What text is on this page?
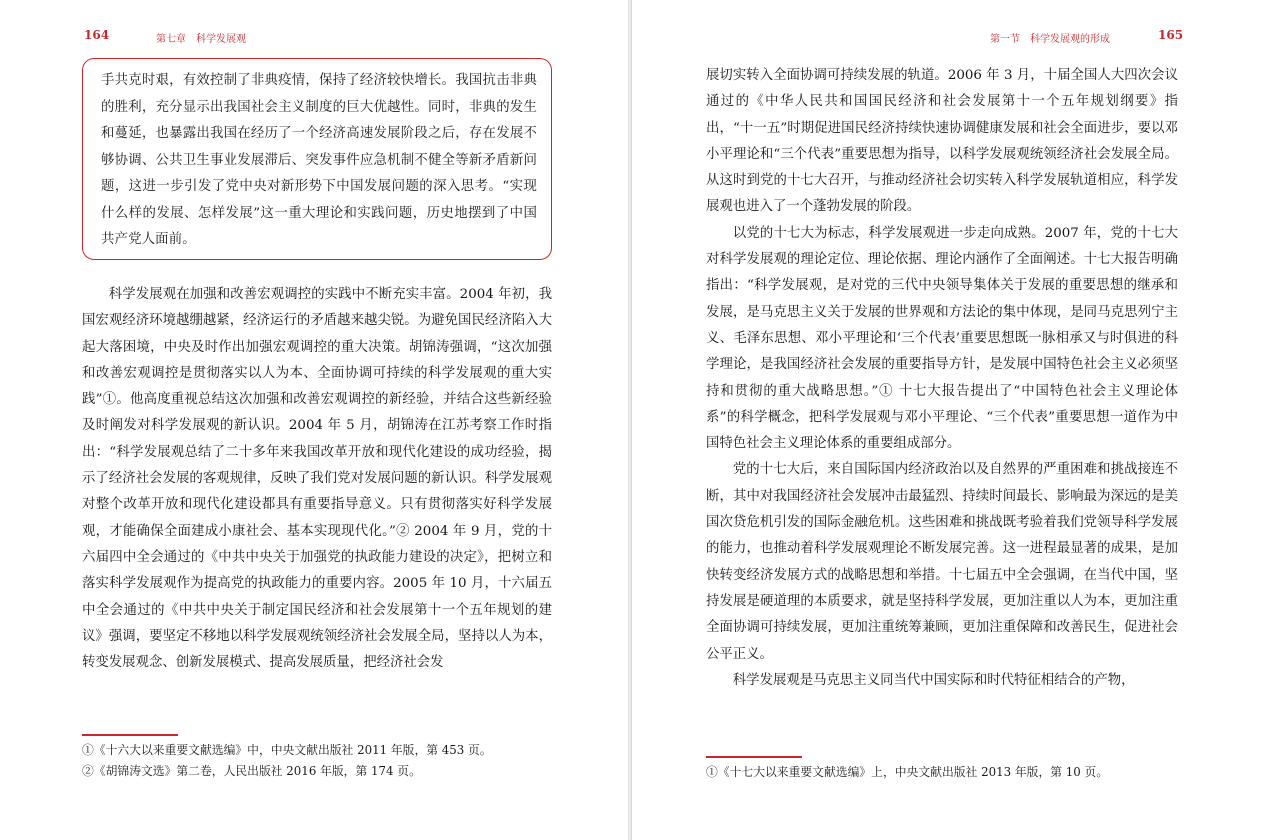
164	第七章　科学发展观

手共克时艰，有效控制了非典疫情，保持了经济较快增长。我国抗击非典的胜利，充分显示出我国社会主义制度的巨大优越性。同时，非典的发生和蔓延，也暴露出我国在经历了一个经济高速发展阶段之后，存在发展不够协调、公共卫生事业发展滞后、突发事件应急机制不健全等新矛盾新问题，这进一步引发了党中央对新形势下中国发展问题的深入思考。“实现什么样的发展、怎样发展”这一重大理论和实践问题，历史地摆到了中国共产党人面前。

科学发展观在加强和改善宏观调控的实践中不断充实丰富。2004 年初，我国宏观经济环境越绷越紧，经济运行的矛盾越来越尖锐。为避免国民经济陷入大起大落困境，中央及时作出加强宏观调控的重大决策。胡锦涛强调，“这次加强和改善宏观调控是贯彻落实以人为本、全面协调可持续的科学发展观的重大实践”①。他高度重视总结这次加强和改善宏观调控的新经验，并结合这些新经验及时阐发对科学发展观的新认识。2004 年 5 月，胡锦涛在江苏考察工作时指出：“科学发展观总结了二十多年来我国改革开放和现代化建设的成功经验，揭示了经济社会发展的客观规律，反映了我们党对发展问题的新认识。科学发展观对整个改革开放和现代化建设都具有重要指导意义。只有贯彻落实好科学发展观，才能确保全面建成小康社会、基本实现现代化。”② 2004 年 9 月，党的十六届四中全会通过的《中共中央关于加强党的执政能力建设的决定》，把树立和落实科学发展观作为提高党的执政能力的重要内容。2005 年 10 月，十六届五中全会通过的《中共中央关于制定国民经济和社会发展第十一个五年规划的建议》强调，要坚定不移地以科学发展观统领经济社会发展全局，坚持以人为本，转变发展观念、创新发展模式、提高发展质量，把经济社会发

①《十六大以来重要文献选编》中，中央文献出版社 2011 年版，第 453 页。
②《胡锦涛文选》第二卷，人民出版社 2016 年版，第 174 页。
第一节　科学发展观的形成	165

展切实转入全面协调可持续发展的轨道。2006 年 3 月，十届全国人大四次会议通过的《中华人民共和国国民经济和社会发展第十一个五年规划纲要》指出，“十一五”时期促进国民经济持续快速协调健康发展和社会全面进步，要以邓小平理论和“三个代表”重要思想为指导，以科学发展观统领经济社会发展全局。从这时到党的十七大召开，与推动经济社会切实转入科学发展轨道相应，科学发展观也进入了一个蓬勃发展的阶段。

以党的十七大为标志，科学发展观进一步走向成熟。2007 年，党的十七大对科学发展观的理论定位、理论依据、理论内涵作了全面阐述。十七大报告明确指出：“科学发展观，是对党的三代中央领导集体关于发展的重要思想的继承和发展，是马克思主义关于发展的世界观和方法论的集中体现，是同马克思列宁主义、毛泽东思想、邓小平理论和‘三个代表’重要思想既一脉相承又与时俱进的科学理论，是我国经济社会发展的重要指导方针，是发展中国特色社会主义必须坚持和贯彻的重大战略思想。”① 十七大报告提出了“中国特色社会主义理论体系”的科学概念，把科学发展观与邓小平理论、“三个代表”重要思想一道作为中国特色社会主义理论体系的重要组成部分。

党的十七大后，来自国际国内经济政治以及自然界的严重困难和挑战接连不断，其中对我国经济社会发展冲击最猛烈、持续时间最长、影响最为深远的是美国次贷危机引发的国际金融危机。这些困难和挑战既考验着我们党领导科学发展的能力，也推动着科学发展观理论不断发展完善。这一进程最显著的成果，是加快转变经济发展方式的战略思想和举措。十七届五中全会强调，在当代中国，坚持发展是硬道理的本质要求，就是坚持科学发展，更加注重以人为本，更加注重全面协调可持续发展，更加注重统筹兼顾，更加注重保障和改善民生，促进社会公平正义。

科学发展观是马克思主义同当代中国实际和时代特征相结合的产物，

①《十七大以来重要文献选编》上，中央文献出版社 2013 年版，第 10 页。
